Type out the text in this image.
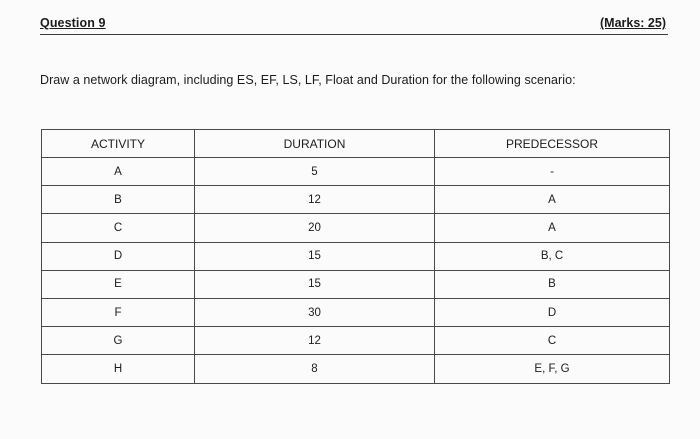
Question 9	(Marks: 25)
Draw a network diagram, including ES, EF, LS, LF, Float and Duration for the following scenario:
ACTIVITY	DURATION	PREDECESSOR
A	5	-
B	12	A
C	20	A
D	15	B, C
E	15	B
F	30	D
G	12	C
H	8	E, F, G
